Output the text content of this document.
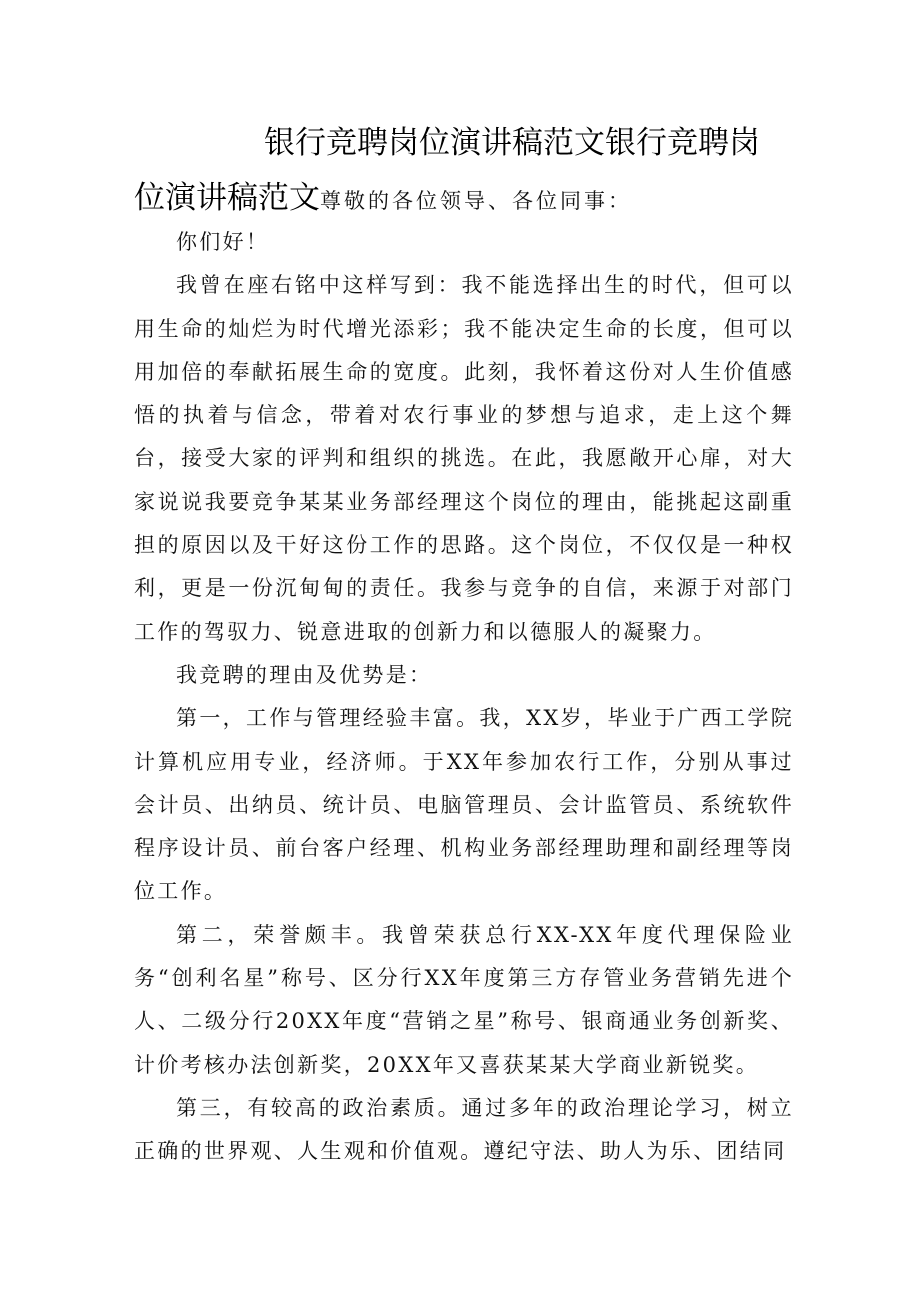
银行竞聘岗位演讲稿范文银行竞聘岗
位演讲稿范文尊敬的各位领导、各位同事：

你们好！

我曾在座右铭中这样写到：我不能选择出生的时代，但可以用生命的灿烂为时代增光添彩；我不能决定生命的长度，但可以用加倍的奉献拓展生命的宽度。此刻，我怀着这份对人生价值感悟的执着与信念，带着对农行事业的梦想与追求，走上这个舞台，接受大家的评判和组织的挑选。在此，我愿敞开心扉，对大家说说我要竞争某某业务部经理这个岗位的理由，能挑起这副重担的原因以及干好这份工作的思路。这个岗位，不仅仅是一种权利，更是一份沉甸甸的责任。我参与竞争的自信，来源于对部门工作的驾驭力、锐意进取的创新力和以德服人的凝聚力。

我竞聘的理由及优势是：

第一，工作与管理经验丰富。我，XX岁，毕业于广西工学院计算机应用专业，经济师。于XX年参加农行工作，分别从事过会计员、出纳员、统计员、电脑管理员、会计监管员、系统软件程序设计员、前台客户经理、机构业务部经理助理和副经理等岗位工作。

第二，荣誉颇丰。我曾荣获总行XX-XX年度代理保险业务“创利名星”称号、区分行XX年度第三方存管业务营销先进个人、二级分行20XX年度“营销之星”称号、银商通业务创新奖、计价考核办法创新奖，20XX年又喜获某某大学商业新锐奖。

第三，有较高的政治素质。通过多年的政治理论学习，树立正确的世界观、人生观和价值观。遵纪守法、助人为乐、团结同
